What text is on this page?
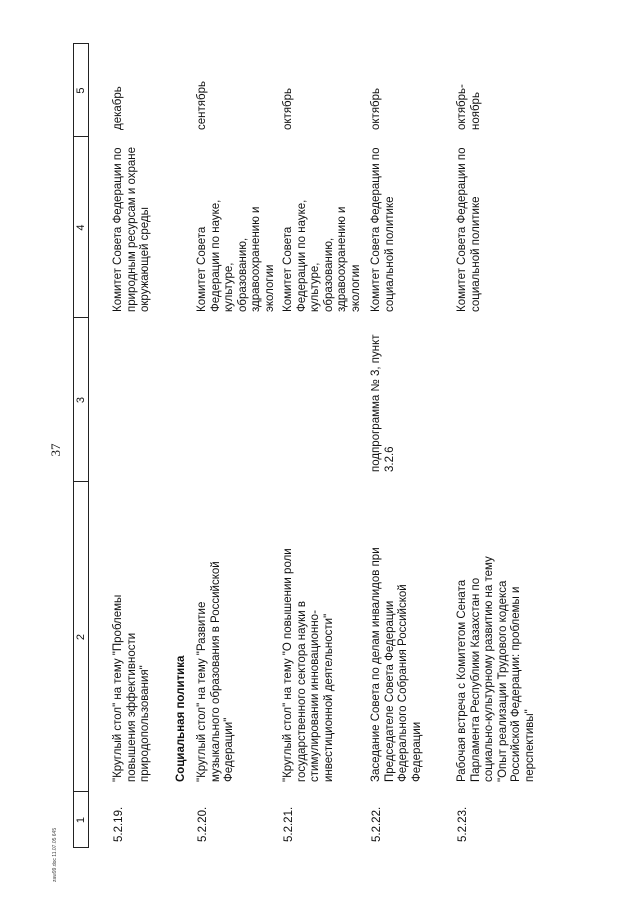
37
zaw99.doc 11.07.05 645
1
2
3
4
5
5.2.19.
"Круглый стол" на тему "Проблемы повышения эффективности природопользования"
Комитет Совета Федерации по природным ресурсам и охране окружающей среды
декабрь
Социальная политика
5.2.20.
"Круглый стол" на тему "Развитие музыкального образования в Российской Федерации"
Комитет Совета Федерации по науке, культуре, образованию, здравоохранению и экологии
сентябрь
5.2.21.
"Круглый стол" на тему "О повышении роли государственного сектора науки в стимулировании инновационно-инвестиционной деятельности"
Комитет Совета Федерации по науке, культуре, образованию, здравоохранению и экологии
октябрь
5.2.22.
Заседание Совета по делам инвалидов при Председателе Совета Федерации Федерального Собрания Российской Федерации
подпрограмма № 3, пункт 3.2.6
Комитет Совета Федерации по социальной политике
октябрь
5.2.23.
Рабочая встреча с Комитетом Сената Парламента Республики Казахстан по социально-культурному развитию на тему "Опыт реализации Трудового кодекса Российской Федерации: проблемы и перспективы"
Комитет Совета Федерации по социальной политике
октябрь-ноябрь
